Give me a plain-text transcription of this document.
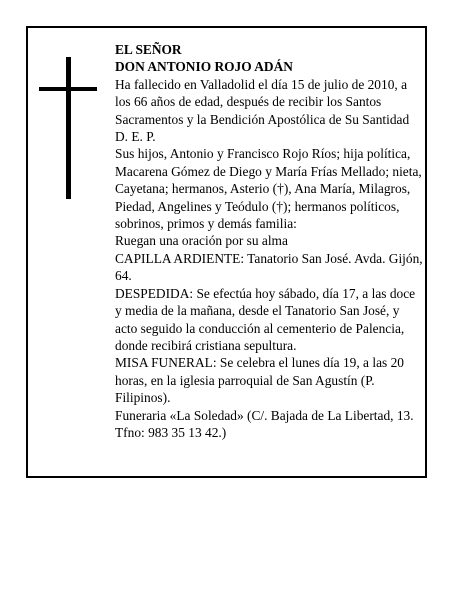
EL SEÑOR

DON ANTONIO ROJO ADÁN

Ha fallecido en Valladolid el día 15 de julio de 2010, a los 66 años de edad, después de recibir los Santos Sacramentos y la Bendición Apostólica de Su Santidad D. E. P.

Sus hijos, Antonio y Francisco Rojo Ríos; hija política, Macarena Gómez de Diego y María Frías Mellado; nieta, Cayetana; hermanos, Asterio (†), Ana María, Milagros, Piedad, Angelines y Teódulo (†); hermanos políticos, sobrinos, primos y demás familia:

Ruegan una oración por su alma

CAPILLA ARDIENTE: Tanatorio San José. Avda. Gijón, 64.

DESPEDIDA: Se efectúa hoy sábado, día 17, a las doce y media de la mañana, desde el Tanatorio San José, y acto seguido la conducción al cementerio de Palencia, donde recibirá cristiana sepultura.

MISA FUNERAL: Se celebra el lunes día 19, a las 20 horas, en la iglesia parroquial de San Agustín (P. Filipinos).

Funeraria «La Soledad» (C/. Bajada de La Libertad, 13. Tfno: 983 35 13 42.)
